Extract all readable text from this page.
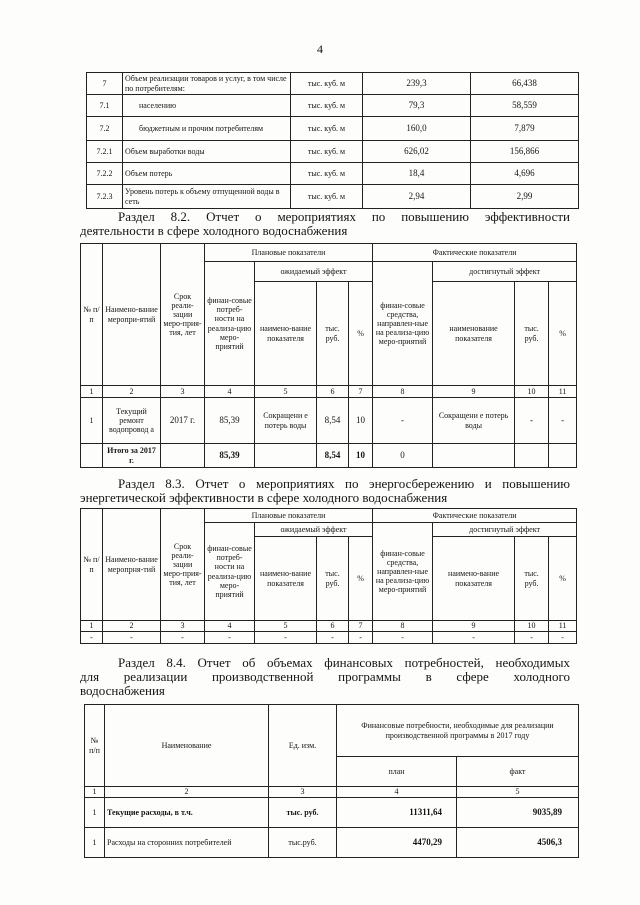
4
7	Объем реализации товаров и услуг, в том числе по потребителям:	тыс. куб. м	239,3	66,438
7.1	населению	тыс. куб. м	79,3	58,559
7.2	бюджетным и прочим потребителям	тыс. куб. м	160,0	7,879
7.2.1	Объем выработки воды	тыс. куб. м	626,02	156,866
7.2.2	Объем потерь	тыс. куб. м	18,4	4,696
7.2.3	Уровень потерь к объему отпущенной воды в сеть	тыс. куб. м	2,94	2,99
Раздел 8.2. Отчет о мероприятиях по повышению эффективности
деятельности в сфере холодного водоснабжения
№ п/п	Наимено-вание меропри-ятий	Срок реали-зации меро-прия-тия, лет	Плановые показатели				Фактические показатели			
			финан-совые потреб-ности на реализа-цию меро-приятий	ожидаемый эффект			финан-совые средства, направлен-ные на реализа-цию меро-приятий	достигнутый эффект		
				наимено-вание показателя	тыс. руб.	%		наименование показателя	тыс. руб.	%
1	2	3	4	5	6	7	8	9	10	11
1	Текущий ремонт водопровод а	2017 г.	85,39	Сокращени е потерь воды	8,54	10	-	Сокращени е потерь воды	-	-
	Итого за 2017 г.		85,39		8,54	10	0			
Раздел 8.3. Отчет о мероприятиях по энергосбережению и повышению
энергетической эффективности в сфере холодного водоснабжения
№ п/п	Наимено-вание меропрня-тий	Срок реали-зации меро-прия-тия, лет	Плановые показатели				Фактические показатели			
			финан-совые потреб-ности на реализа-цию меро-приятий	ожидаемый эффект			финан-совые средства, направлен-ные на реализа-цию меро-приятий	достигнутый эффект		
				наимено-вание показателя	тыс. руб.	%		наимено-вание показателя	тыс. руб.	%
1	2	3	4	5	6	7	8	9	10	11
-	-	-	-	-	-	-	-	-	-	-
Раздел 8.4. Отчет об объемах финансовых потребностей, необходимых
для реализации производственной программы в сфере холодного
водоснабжения
№ п/п	Наименование	Ед. изм.	Финансовые потребности, необходимые для реализации производственной программы в 2017 году	
			план	факт
1	2	3	4	5
1	Текущие расходы, в т.ч.	тыс. руб.	11311,64	9035,89
1	Расходы на сторонних потребителей	тыс.руб.	4470,29	4506,3
